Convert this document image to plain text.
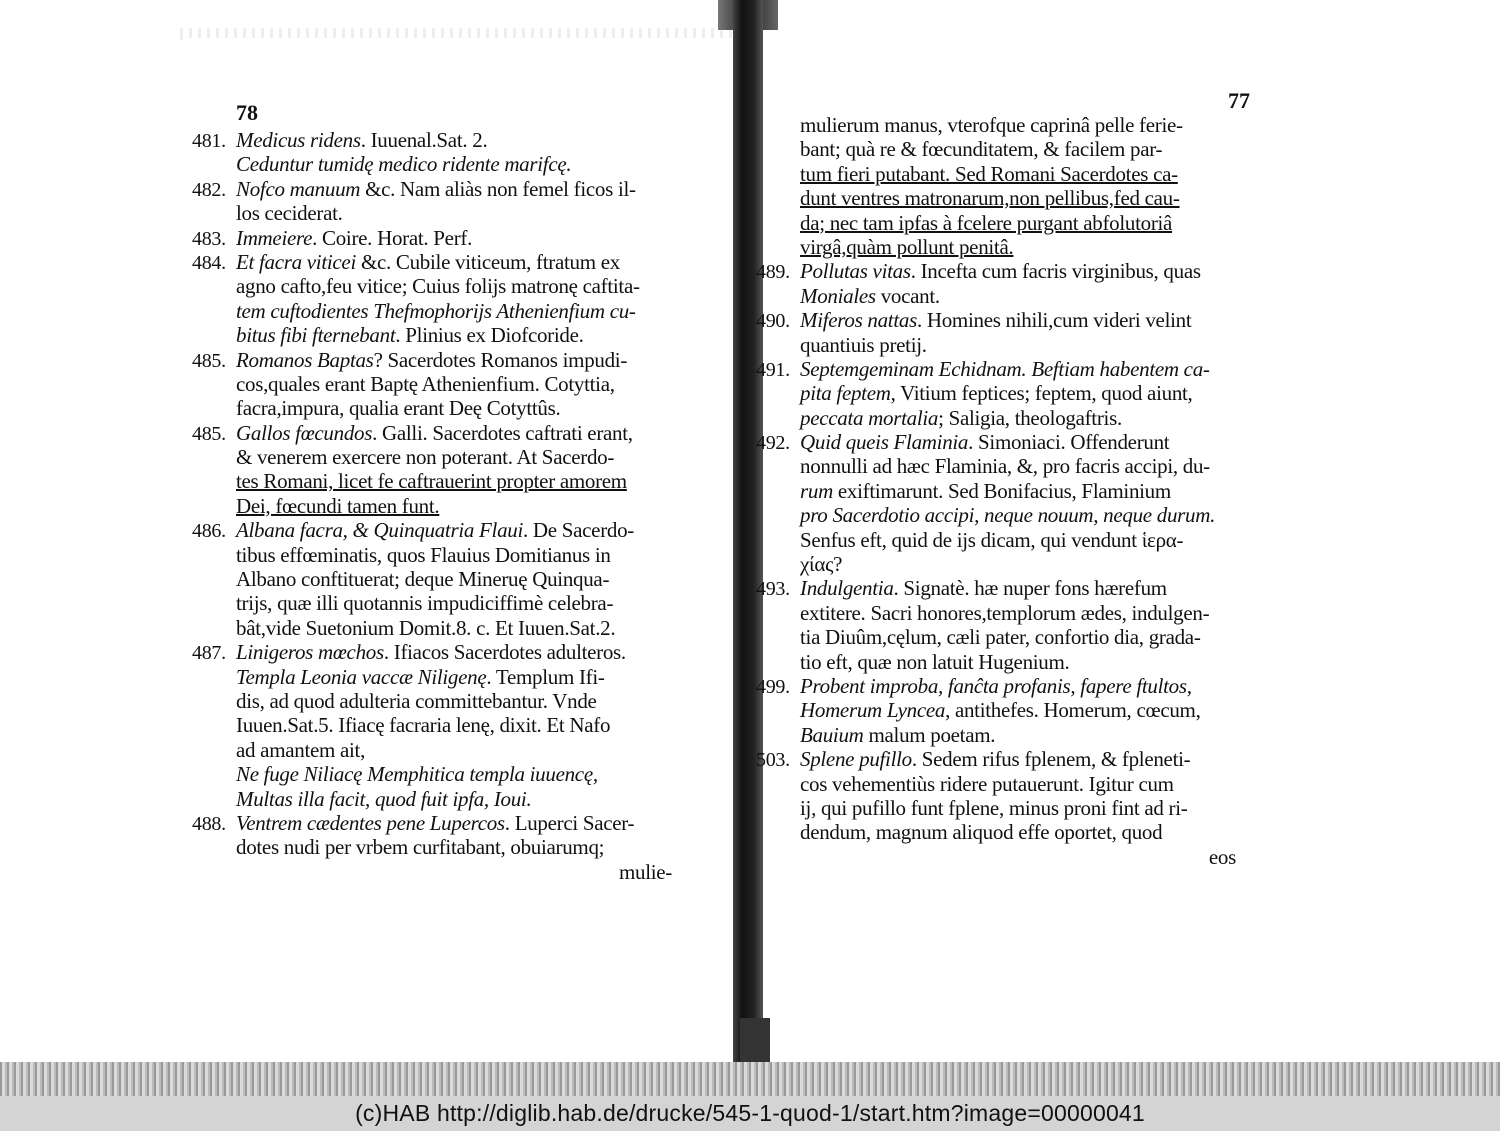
78	77
481. Medicus ridens. Iuuenal.Sat. 2.
Ceduntur tumidę medico ridente marifcę.
482. Nofco manuum &c. Nam aliàs non femel ficos il-
los ceciderat.
483. Immeiere. Coire. Horat. Perf.
484. Et facra viticei &c. Cubile viticeum, ftratum ex
agno cafto,feu vitice; Cuius folijs matronę caftita-
tem cuftodientes Thefmophorijs Athenienfium cu-
bitus fibi fternebant. Plinius ex Diofcoride.
485. Romanos Baptas? Sacerdotes Romanos impudi-
cos,quales erant Baptę Athenienfium. Cotyttia,
facra,impura, qualia erant Deę Cotyttûs.
485. Gallos fœcundos. Galli. Sacerdotes caftrati erant,
& venerem exercere non poterant. At Sacerdo-
tes Romani, licet fe caftrauerint propter amorem
Dei, fœcundi tamen funt.
486. Albana facra, & Quinquatria Flaui. De Sacerdo-
tibus effœminatis, quos Flauius Domitianus in
Albano conftituerat; deque Mineruę Quinqua-
trijs, quæ illi quotannis impudiciffimè celebra-
bât,vide Suetonium Domit.8. c. Et Iuuen.Sat.2.
487. Linigeros mœchos. Ifiacos Sacerdotes adulteros.
Templa Leonia vaccæ Niligenę. Templum Ifi-
dis, ad quod adulteria committebantur. Vnde
Iuuen.Sat.5. Ifiacę facraria lenę, dixit. Et Nafo
ad amantem ait,
Ne fuge Niliacę Memphitica templa iuuencę,
Multas illa facit, quod fuit ipfa, Ioui.
488. Ventrem cædentes pene Lupercos. Luperci Sacer-
dotes nudi per vrbem curfitabant, obuiarumq;
mulie-
mulierum manus, vterofque caprinâ pelle ferie-
bant; quà re & fœcunditatem, & facilem par-
tum fieri putabant. Sed Romani Sacerdotes ca-
dunt ventres matronarum,non pellibus,fed cau-
da; nec tam ipfas à fcelere purgant abfolutoriâ
virgâ,quàm pollunt penitâ.
489. Pollutas vitas. Incefta cum facris virginibus, quas
Moniales vocant.
490. Miferos nattas. Homines nihili,cum videri velint
quantiuis pretij.
491. Septemgeminam Echidnam. Beftiam habentem ca-
pita feptem, Vitium feptices; feptem, quod aiunt,
peccata mortalia; Saligia, theologaftris.
492. Quid queis Flaminia. Simoniaci. Offenderunt
nonnulli ad hæc Flaminia, &, pro facris accipi, du-
rum exiftimarunt. Sed Bonifacius, Flaminium
pro Sacerdotio accipi, neque nouum, neque durum.
Senfus eft, quid de ijs dicam, qui vendunt ἱερα-
χίας?
493. Indulgentia. Signatè. hæ nuper fons hærefum
extitere. Sacri honores,templorum ædes, indulgen-
tia Diuûm,cęlum, cæli pater, confortio dia, grada-
tio eft, quæ non latuit Hugenium.
499. Probent improba, fanĉta profanis, fapere ftultos,
Homerum Lyncea, antithefes. Homerum, cœcum,
Bauium malum poetam.
503. Splene pufillo. Sedem rifus fplenem, & fpleneti-
cos vehementiùs ridere putauerunt. Igitur cum
ij, qui pufillo funt fplene, minus proni fint ad ri-
dendum, magnum aliquod effe oportet, quod
eos
(c)HAB http://diglib.hab.de/drucke/545-1-quod-1/start.htm?image=00000041
